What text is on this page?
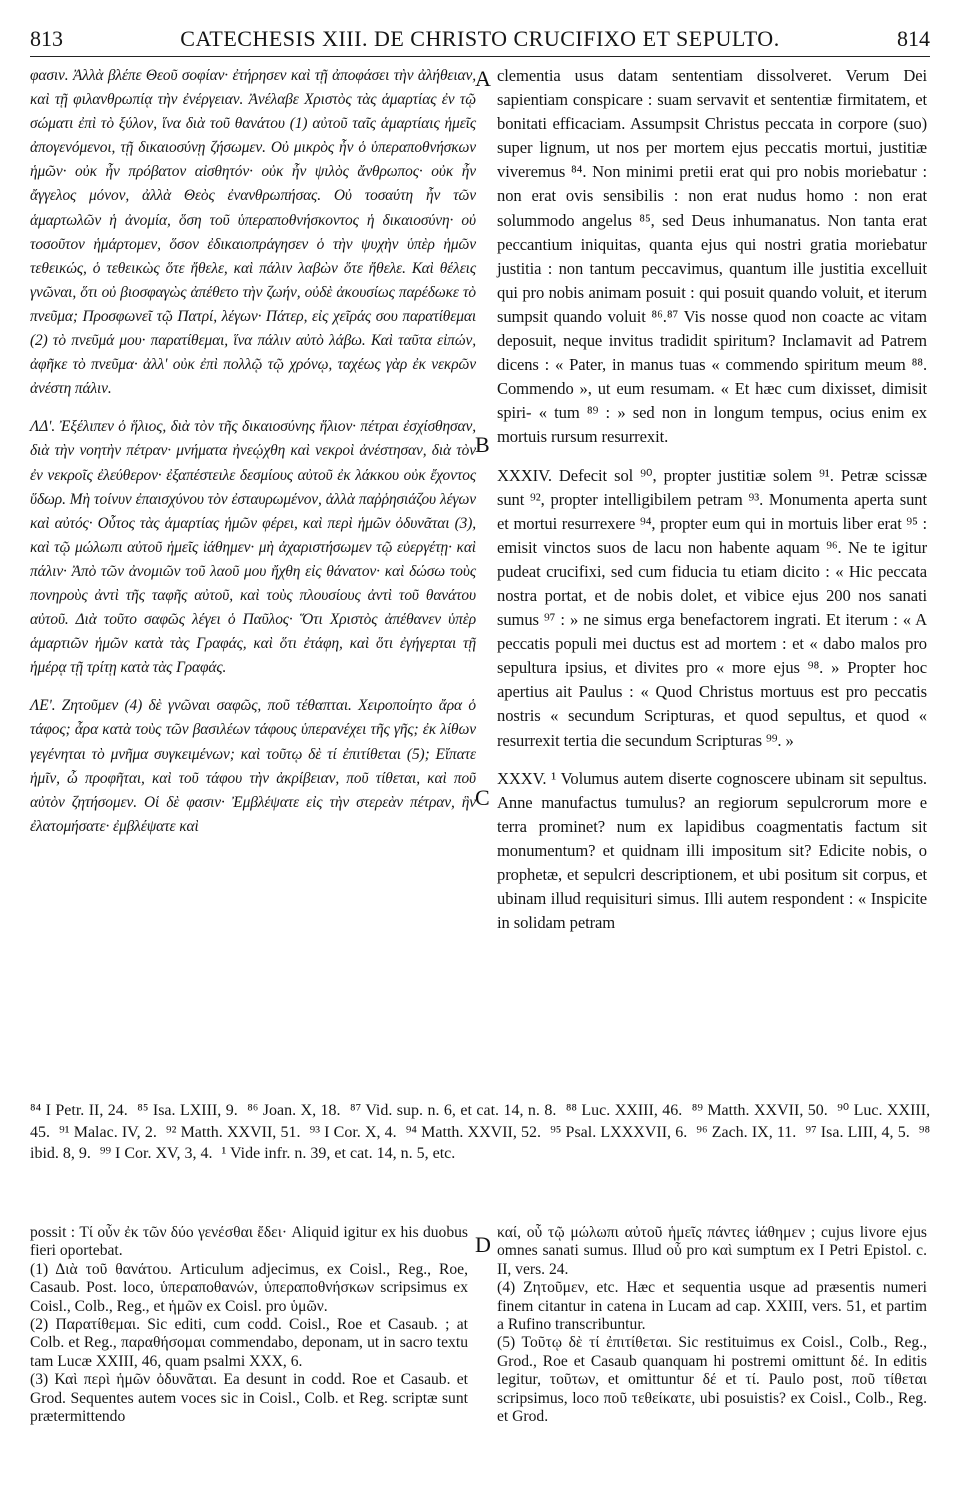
813	CATECHESIS XIII. DE CHRISTO CRUCIFIXO ET SEPULTO.	814

φασιν. Ἀλλὰ βλέπε Θεοῦ σοφίαν· ἐτήρησεν καὶ τῇ ἀποφάσει τὴν ἀλήθειαν, καὶ τῇ φιλανθρωπίᾳ τὴν ἐνέργειαν. Ἀνέλαβε Χριστὸς τὰς ἁμαρτίας ἐν τῷ σώματι ἐπὶ τὸ ξύλον, ἵνα διὰ τοῦ θανάτου (1) αὐτοῦ ταῖς ἁμαρτίαις ἡμεῖς ἀπογενόμενοι, τῇ δικαιοσύνῃ ζήσωμεν. Οὐ μικρὸς ἦν ὁ ὑπεραποθνήσκων ἡμῶν· οὐκ ἦν πρόβατον αἰσθητόν· οὐκ ἦν ψιλὸς ἄνθρωπος· οὐκ ἦν ἄγγελος μόνον, ἀλλὰ Θεὸς ἐνανθρωπήσας. Οὐ τοσαύτη ἦν τῶν ἁμαρτωλῶν ἡ ἀνομία, ὅση τοῦ ὑπεραποθνήσκοντος ἡ δικαιοσύνη· οὐ τοσοῦτον ἡμάρτομεν, ὅσον ἐδικαιοπράγησεν ὁ τὴν ψυχὴν ὑπὲρ ἡμῶν τεθεικώς, ὁ τεθεικὼς ὅτε ἤθελε, καὶ πάλιν λαβὼν ὅτε ἤθελε. Καὶ θέλεις γνῶναι, ὅτι οὐ βιοσφαγὼς ἀπέθετο τὴν ζωήν, οὐδὲ ἀκουσίως παρέδωκε τὸ πνεῦμα; Προσφωνεῖ τῷ Πατρί, λέγων· Πάτερ, εἰς χεῖράς σου παρατίθεμαι (2) τὸ πνεῦμά μου· παρατίθεμαι, ἵνα πάλιν αὐτὸ λάβω. Καὶ ταῦτα εἰπών, ἀφῆκε τὸ πνεῦμα· ἀλλ' οὐκ ἐπὶ πολλῷ τῷ χρόνῳ, ταχέως γὰρ ἐκ νεκρῶν ἀνέστη πάλιν.

ΛΔʹ. Ἐξέλιπεν ὁ ἥλιος, διὰ τὸν τῆς δικαιοσύνης ἥλιον· πέτραι ἐσχίσθησαν, διὰ τὴν νοητὴν πέτραν· μνήματα ἠνεῴχθη καὶ νεκροὶ ἀνέστησαν, διὰ τὸν ἐν νεκροῖς ἐλεύθερον· ἐξαπέστειλε δεσμίους αὐτοῦ ἐκ λάκκου οὐκ ἔχοντος ὕδωρ. Μὴ τοίνυν ἐπαισχύνου τὸν ἐσταυρωμένον, ἀλλὰ παῤῥησιάζου λέγων καὶ αὐτός· Οὗτος τὰς ἁμαρτίας ἡμῶν φέρει, καὶ περὶ ἡμῶν ὀδυνᾶται (3), καὶ τῷ μώλωπι αὐτοῦ ἡμεῖς ἰάθημεν· μὴ ἀχαριστήσωμεν τῷ εὐεργέτῃ· καὶ πάλιν· Ἀπὸ τῶν ἀνομιῶν τοῦ λαοῦ μου ἤχθη εἰς θάνατον· καὶ δώσω τοὺς πονηροὺς ἀντὶ τῆς ταφῆς αὐτοῦ, καὶ τοὺς πλουσίους ἀντὶ τοῦ θανάτου αὐτοῦ. Διὰ τοῦτο σαφῶς λέγει ὁ Παῦλος· Ὅτι Χριστὸς ἀπέθανεν ὑπὲρ ἁμαρτιῶν ἡμῶν κατὰ τὰς Γραφάς, καὶ ὅτι ἐτάφη, καὶ ὅτι ἐγήγερται τῇ ἡμέρᾳ τῇ τρίτῃ κατὰ τὰς Γραφάς.

ΛΕʹ. Ζητοῦμεν (4) δὲ γνῶναι σαφῶς, ποῦ τέθαπται. Χειροποίητο ἄρα ὁ τάφος; ἆρα κατὰ τοὺς τῶν βασιλέων τάφους ὑπερανέχει τῆς γῆς; ἐκ λίθων γεγένηται τὸ μνῆμα συγκειμένων; καὶ τοῦτῳ δὲ τί ἐπιτίθεται (5); Εἴπατε ἡμῖν, ὦ προφῆται, καὶ τοῦ τάφου τὴν ἀκρίβειαν, ποῦ τίθεται, καὶ ποῦ αὐτὸν ζητήσομεν. Οἱ δὲ φασιν· Ἐμβλέψατε εἰς τὴν στερεὰν πέτραν, ἣν ἐλατομήσατε· ἐμβλέψατε καὶ

A
B
C
D

clementia usus datam sententiam dissolveret. Verum Dei sapientiam conspicare : suam servavit et sententiæ firmitatem, et bonitati efficaciam. Assumpsit Christus peccata in corpore (suo) super lignum, ut nos per mortem ejus peccatis mortui, justitiæ viveremus ⁸⁴. Non minimi pretii erat qui pro nobis moriebatur : non erat ovis sensibilis : non erat nudus homo : non erat solummodo angelus ⁸⁵, sed Deus inhumanatus. Non tanta erat peccantium iniquitas, quanta ejus qui nostri gratia moriebatur justitia : non tantum peccavimus, quantum ille justitia excelluit qui pro nobis animam posuit : qui posuit quando voluit, et iterum sumpsit quando voluit ⁸⁶.⁸⁷ Vis nosse quod non coacte ac vitam deposuit, neque invitus tradidit spiritum? Inclamavit ad Patrem dicens : « Pater, in manus tuas « commendo spiritum meum ⁸⁸. Commendo », ut eum resumam. « Et hæc cum dixisset, dimisit spiri- « tum ⁸⁹ : » sed non in longum tempus, ocius enim ex mortuis rursum resurrexit.

XXXIV. Defecit sol ⁹⁰, propter justitiæ solem ⁹¹. Petræ scissæ sunt ⁹², propter intelligibilem petram ⁹³. Monumenta aperta sunt et mortui resurrexere ⁹⁴, propter eum qui in mortuis liber erat ⁹⁵ : emisit vinctos suos de lacu non habente aquam ⁹⁶. Ne te igitur pudeat crucifixi, sed cum fiducia tu etiam dicito : « Hic peccata nostra portat, et de nobis dolet, et vibice ejus 200 nos sanati sumus ⁹⁷ : » ne simus erga benefactorem ingrati. Et iterum : « A peccatis populi mei ductus est ad mortem : et « dabo malos pro sepultura ipsius, et divites pro « more ejus ⁹⁸. » Propter hoc apertius ait Paulus : « Quod Christus mortuus est pro peccatis nostris « secundum Scripturas, et quod sepultus, et quod « resurrexit tertia die secundum Scripturas ⁹⁹. »

XXXV. ¹ Volumus autem diserte cognoscere ubinam sit sepultus. Anne manufactus tumulus? an regiorum sepulcrorum more e terra prominet? num ex lapidibus coagmentatis factum sit monumentum? et quidnam illi impositum sit? Edicite nobis, o prophetæ, et sepulcri descriptionem, et ubi positum sit corpus, et ubinam illud requisituri simus. Illi autem respondent : « Inspicite in solidam petram

⁸⁴ I Petr. II, 24. ⁸⁵ Isa. LXIII, 9. ⁸⁶ Joan. X, 18. ⁸⁷ Vid. sup. n. 6, et cat. 14, n. 8. ⁸⁸ Luc. XXIII, 46. ⁸⁹ Matth. XXVII, 50. ⁹⁰ Luc. XXIII, 45. ⁹¹ Malac. IV, 2. ⁹² Matth. XXVII, 51. ⁹³ I Cor. X, 4. ⁹⁴ Matth. XXVII, 52. ⁹⁵ Psal. LXXXVII, 6. ⁹⁶ Zach. IX, 11. ⁹⁷ Isa. LIII, 4, 5. ⁹⁸ ibid. 8, 9. ⁹⁹ I Cor. XV, 3, 4. ¹ Vide infr. n. 39, et cat. 14, n. 5, etc.

possit : Τί οὖν ἐκ τῶν δύο γενέσθαι ἔδει· Aliquid igitur ex his duobus fieri oportebat.

(1) Διὰ τοῦ θανάτου. Articulum adjecimus, ex Coisl., Reg., Roe, Casaub. Post. loco, ὑπεραποθανών, ὑπεραποθνήσκων scripsimus ex Coisl., Colb., Reg., et ἡμῶν ex Coisl. pro ὑμῶν.

(2) Παρατίθεμαι. Sic editi, cum codd. Coisl., Roe et Casaub. ; at Colb. et Reg., παραθήσομαι commendabo, deponam, ut in sacro textu tam Lucæ XXIII, 46, quam psalmi XXX, 6.

(3) Καὶ περὶ ἡμῶν ὀδυνᾶται. Ea desunt in codd. Roe et Casaub. et Grod. Sequentes autem voces sic in Coisl., Colb. et Reg. scriptæ sunt prætermittendo

καί, οὗ τῷ μώλωπι αὐτοῦ ἡμεῖς πάντες ἰάθημεν ; cujus livore ejus omnes sanati sumus. Illud οὗ pro καὶ sumptum ex I Petri Epistol. c. II, vers. 24.

(4) Ζητοῦμεν, etc. Hæc et sequentia usque ad præsentis numeri finem citantur in catena in Lucam ad cap. XXIII, vers. 51, et partim a Rufino transcribuntur.

(5) Τοῦτῳ δὲ τί ἐπιτίθεται. Sic restituimus ex Coisl., Colb., Reg., Grod., Roe et Casaub quanquam hi postremi omittunt δέ. In editis legitur, τοῦτων, et omittuntur δέ et τί. Paulo post, ποῦ τίθεται scripsimus, loco ποῦ τεθείκατε, ubi posuistis? ex Coisl., Colb., Reg. et Grod.
